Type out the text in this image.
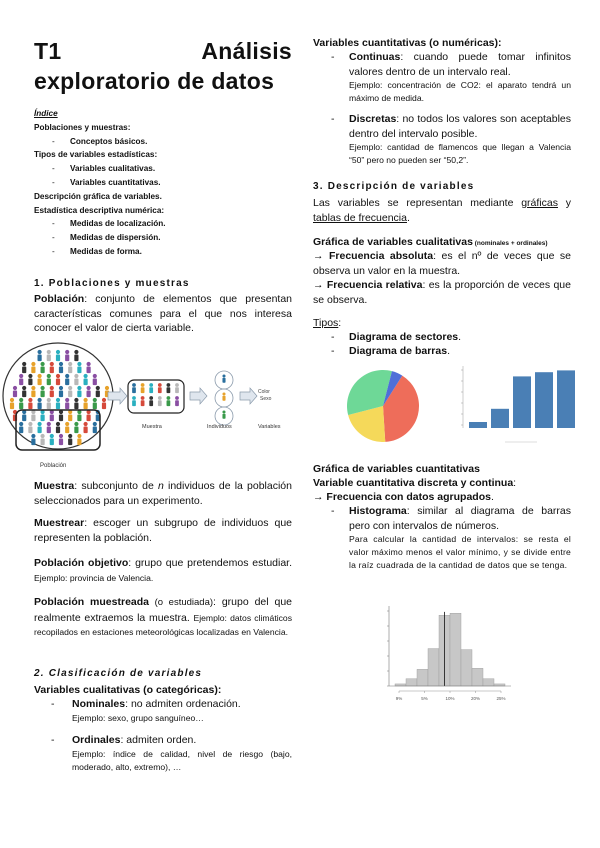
T1 Análisis exploratorio de datos
Índice
Poblaciones y muestras:
- Conceptos básicos.
Tipos de variables estadísticas:
- Variables cualitativas.
- Variables cuantitativas.
Descripción gráfica de variables.
Estadística descriptiva numérica:
- Medidas de localización.
- Medidas de dispersión.
- Medidas de forma.
1. Poblaciones y muestras
Población: conjunto de elementos que presentan características comunes para el que nos interesa conocer el valor de cierta variable.
Color
Sexo
Muestra	Individuos	Variables
Población
Muestra: subconjunto de n individuos de la población seleccionados para un experimento.
Muestrear: escoger un subgrupo de individuos que representen la población.
Población objetivo: grupo que pretendemos estudiar. Ejemplo: provincia de Valencia.
Población muestreada (o estudiada): grupo del que realmente extraemos la muestra. Ejemplo: datos climáticos recopilados en estaciones meteorológicas localizadas en Valencia.
2. Clasificación de variables
Variables cualitativas (o categóricas):
- Nominales: no admiten ordenación.
Ejemplo: sexo, grupo sanguíneo…
- Ordinales: admiten orden.
Ejemplo: índice de calidad, nivel de riesgo (bajo, moderado, alto, extremo), …
Variables cuantitativas (o numéricas):
- Continuas: cuando puede tomar infinitos valores dentro de un intervalo real.
Ejemplo: concentración de CO2: el aparato tendrá un máximo de medida.
- Discretas: no todos los valores son aceptables dentro del intervalo posible.
Ejemplo: cantidad de flamencos que llegan a Valencia “50” pero no pueden ser “50,2”.
3. Descripción de variables
Las variables se representan mediante gráficas y tablas de frecuencia.
Gráfica de variables cualitativas (nominales + ordinales)
→ Frecuencia absoluta: es el nº de veces que se observa un valor en la muestra.
→ Frecuencia relativa: es la proporción de veces que se observa.
Tipos:
- Diagrama de sectores.
- Diagrama de barras.
Gráfica de variables cuantitativas
Variable cuantitativa discreta y continua:
→ Frecuencia con datos agrupados.
- Histograma: similar al diagrama de barras pero con intervalos de números.
Para calcular la cantidad de intervalos: se resta el valor máximo menos el valor mínimo, y se divide entre la raíz cuadrada de la cantidad de datos que se tenga.
9%	5%	10%	20%	25%
